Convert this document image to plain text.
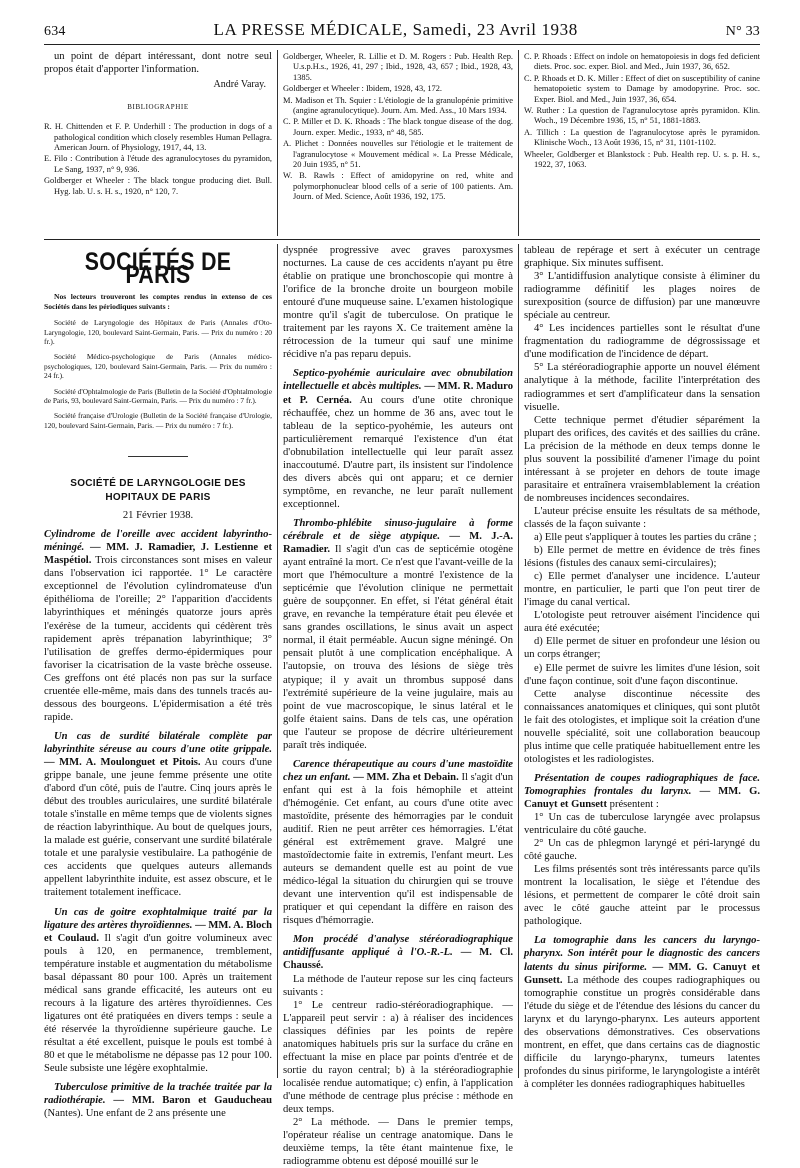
634	LA PRESSE MÉDICALE, Samedi, 23 Avril 1938	N° 33

un point de départ intéressant, dont notre seul propos était d'apporter l'information.

André Varay.

BIBLIOGRAPHIE

R. H. Chittenden et F. P. Underhill : The production in dogs of a pathological condition which closely resembles Human Pellagra. American Journ. of Physiology, 1917, 44, 13.

E. Filo : Contribution à l'étude des agranulocytoses du pyramidon, Le Sang, 1937, n° 9, 936.

Goldberger et Wheeler : The black tongue producing diet. Bull. Hyg. lab. U. s. H. s., 1920, n° 120, 7.

Goldberger, Wheeler, R. Lillie et D. M. Rogers : Pub. Health Rep. U.s.p.H.s., 1926, 41, 297 ; Ibid., 1928, 43, 657 ; Ibid., 1928, 43, 1385.

Goldberger et Wheeler : Ibidem, 1928, 43, 172.

M. Madison et Th. Squier : L'étiologie de la granulopénie primitive (angine agranulocytique). Journ. Am. Med. Ass., 10 Mars 1934.

C. P. Miller et D. K. Rhoads : The black tongue disease of the dog. Journ. exper. Medic., 1933, n° 48, 585.

A. Plichet : Données nouvelles sur l'étiologie et le traitement de l'agranulocytose « Mouvement médical ». La Presse Médicale, 20 Juin 1935, n° 51.

W. B. Rawls : Effect of amidopyrine on red, white and polymorphonuclear blood cells of a serie of 100 patients. Am. Journ. of Med. Science, Août 1936, 192, 175.

C. P. Rhoads : Effect on indole on hematopoiesis in dogs fed deficient diets. Proc. soc. exper. Biol. and Med., Juin 1937, 36, 652.

C. P. Rhoads et D. K. Miller : Effect of diet on susceptibility of canine hematopoietic system to Damage by amodopyrine. Proc. soc. Exper. Biol. and Med., Juin 1937, 36, 654.

W. Ruther : La question de l'agranulocytose après pyramidon. Klin. Woch., 19 Décembre 1936, 15, n° 51, 1881-1883.

A. Tillich : La question de l'agranulocytose après le pyramidon. Klinische Woch., 13 Août 1936, 15, n° 31, 1101-1102.

Wheeler, Goldberger et Blankstock : Pub. Health rep. U. s. p. H. s., 1922, 37, 1063.

SOCIÉTÉS DE PARIS

Nos lecteurs trouveront les comptes rendus in extenso de ces Sociétés dans les périodiques suivants :

Société de Laryngologie des Hôpitaux de Paris (Annales d'Oto-Laryngologie, 120, boulevard Saint-Germain, Paris. — Prix du numéro : 20 fr.).

Société Médico-psychologique de Paris (Annales médico-psychologiques, 120, boulevard Saint-Germain, Paris. — Prix du numéro : 24 fr.).

Société d'Ophtalmologie de Paris (Bulletin de la Société d'Ophtalmologie de Paris, 93, boulevard Saint-Germain, Paris. — Prix du numéro : 7 fr.).

Société française d'Urologie (Bulletin de la Société française d'Urologie, 120, boulevard Saint-Germain, Paris. — Prix du numéro : 7 fr.).

SOCIÉTÉ DE LARYNGOLOGIE DES HOPITAUX DE PARIS

21 Février 1938.

Cylindrome de l'oreille avec accident labyrintho-méningé. — MM. J. Ramadier, J. Lestienne et Maspétiol. Trois circonstances sont mises en valeur dans l'observation ici rapportée. 1° Le caractère exceptionnel de l'évolution cylindromateuse d'un épithélioma de l'oreille; 2° l'apparition d'accidents labyrinthiques et méningés quatorze jours après l'exérèse de la tumeur, accidents qui cédèrent très rapidement après trépanation labyrinthique; 3° l'utilisation de greffes dermo-épidermiques pour favoriser la cicatrisation de la vaste brèche osseuse. Ces greffons ont été placés non pas sur la surface cruentée elle-même, mais dans des tunnels tracés au-dessous des bourgeons. L'épidermisation a été très rapide.

Un cas de surdité bilatérale complète par labyrinthite séreuse au cours d'une otite grippale. — MM. A. Moulonguet et Pitois. Au cours d'une grippe banale, une jeune femme présente une otite d'abord d'un côté, puis de l'autre. Cinq jours après le début des troubles auriculaires, une surdité bilatérale totale s'installe en même temps que de violents signes de réaction labyrinthique. Au bout de quelques jours, la malade est guérie, conservant une surdité bilatérale totale et une paralysie vestibulaire. La pathogénie de ces accidents que quelques auteurs allemands appellent labyrinthite induite, est assez obscure, et le traitement totalement inefficace.

Un cas de goitre exophtalmique traité par la ligature des artères thyroïdiennes. — MM. A. Bloch et Coulaud. Il s'agit d'un goitre volumineux avec pouls à 120, en permanence, tremblement, température instable et augmentation du métabolisme basal dépassant 80 pour 100. Après un traitement médical sans grande efficacité, les auteurs ont eu recours à la ligature des artères thyroïdiennes. Ces ligatures ont été pratiquées en divers temps : seule a été réservée la thyroïdienne supérieure gauche. Le résultat a été excellent, puisque le pouls est tombé à 80 et que le métabolisme ne dépasse pas 12 pour 100. Seule subsiste une légère exophtalmie.

Tuberculose primitive de la trachée traitée par la radiothérapie. — MM. Baron et Gauducheau (Nantes). Une enfant de 2 ans présente une

dyspnée progressive avec graves paroxysmes nocturnes. La cause de ces accidents n'ayant pu être établie on pratique une bronchoscopie qui montre à l'orifice de la bronche droite un bourgeon mobile entouré d'une muqueuse saine. L'examen histologique montre qu'il s'agit de tuberculose. On pratique le traitement par les rayons X. Ce traitement amène la rétrocession de la tumeur qui sauf une minime récidive n'a pas reparu depuis.

Septico-pyohémie auriculaire avec obnubilation intellectuelle et abcès multiples. — MM. R. Maduro et P. Cernéa. Au cours d'une otite chronique réchauffée, chez un homme de 36 ans, avec tout le tableau de la septico-pyohémie, les auteurs ont particulièrement remarqué l'existence d'un état d'obnubilation intellectuelle qui leur paraît assez inaccoutumé. D'autre part, ils insistent sur l'indolence des divers abcès qui ont apparu; et ce dernier symptôme, en revanche, ne leur paraît nullement exceptionnel.

Thrombo-phlébite sinuso-jugulaire à forme cérébrale et de siège atypique. — M. J.-A. Ramadier. Il s'agit d'un cas de septicémie otogène ayant entraîné la mort. Ce n'est que l'avant-veille de la mort que l'hémoculture a montré l'existence de la septicémie que l'évolution clinique ne permettait guère de soupçonner. En effet, si l'état général était grave, en revanche la température était peu élevée et sans grandes oscillations, le sinus avait un aspect normal, il était perméable. Aucun signe méningé. On pensait plutôt à une complication encéphalique. A l'autopsie, on trouva des lésions de siège très atypique; il y avait un thrombus supposé dans l'extrémité supérieure de la veine jugulaire, mais au point de vue macroscopique, le sinus latéral et le golfe étaient sains. Dans de tels cas, une opération que l'auteur se propose de décrire ultérieurement paraît très indiquée.

Carence thérapeutique au cours d'une mastoïdite chez un enfant. — MM. Zha et Debain. Il s'agit d'un enfant qui est à la fois hémophile et atteint d'hémogénie. Cet enfant, au cours d'une otite avec mastoïdite, présente des hémorragies par le conduit auditif. Rien ne peut arrêter ces hémorragies. L'état général est extrêmement grave. Malgré une mastoïdectomie faite in extremis, l'enfant meurt. Les auteurs se demandent quelle est au point de vue médico-légal la situation du chirurgien qui se trouve devant une intervention qu'il est indispensable de pratiquer et qui cependant la diffère en raison des risques d'hémorragie.

Mon procédé d'analyse stéréoradiographique antidiffusante appliqué à l'O.-R.-L. — M. Cl. Chaussé.

La méthode de l'auteur repose sur les cinq facteurs suivants :

1° Le centreur radio-stéréoradiographique. — L'appareil peut servir : a) à réaliser des incidences classiques définies par les points de repère anatomiques habituels pris sur la surface du crâne en effectuant la mise en place par points d'entrée et de sortie du rayon central; b) à la stéréoradiographie localisée rendue automatique; c) enfin, à l'application d'une méthode de centrage plus précise : méthode en deux temps.

2° La méthode. — Dans le premier temps, l'opérateur réalise un centrage anatomique. Dans le deuxième temps, la tête étant maintenue fixe, le radiogramme obtenu est déposé mouillé sur le

tableau de repérage et sert à exécuter un centrage graphique. Six minutes suffisent.

3° L'antidiffusion analytique consiste à éliminer du radiogramme définitif les plages noires de surexposition (source de diffusion) par une manœuvre spéciale au centreur.

4° Les incidences partielles sont le résultat d'une fragmentation du radiogramme de dégrossissage et d'une modification de l'incidence de départ.

5° La stéréoradiographie apporte un nouvel élément analytique à la méthode, facilite l'interprétation des radiogrammes et sert d'amplificateur dans la sensation visuelle.

Cette technique permet d'étudier séparément la plupart des orifices, des cavités et des saillies du crâne. La précision de la méthode en deux temps donne le plus souvent la possibilité d'amener l'image du point intéressant à se projeter en dehors de toute image parasitaire et entraînera vraisemblablement la création de nombreuses incidences secondaires.

L'auteur précise ensuite les résultats de sa méthode, classés de la façon suivante :

a) Elle peut s'appliquer à toutes les parties du crâne ;

b) Elle permet de mettre en évidence de très fines lésions (fistules des canaux semi-circulaires);

c) Elle permet d'analyser une incidence. L'auteur montre, en particulier, le parti que l'on peut tirer de l'image du canal vertical.

L'otologiste peut retrouver aisément l'incidence qui aura été exécutée;

d) Elle permet de situer en profondeur une lésion ou un corps étranger;

e) Elle permet de suivre les limites d'une lésion, soit d'une façon continue, soit d'une façon discontinue.

Cette analyse discontinue nécessite des connaissances anatomiques et cliniques, qui sont plutôt le fait des otologistes, et implique soit la création d'une nouvelle spécialité, soit une collaboration beaucoup plus intime que celle pratiquée habituellement entre les otologistes et les radiologistes.

Présentation de coupes radiographiques de face. Tomographies frontales du larynx. — MM. G. Canuyt et Gunsett présentent :

1° Un cas de tuberculose laryngée avec prolapsus ventriculaire du côté gauche.

2° Un cas de phlegmon laryngé et péri-laryngé du côté gauche.

Les films présentés sont très intéressants parce qu'ils montrent la localisation, le siège et l'étendue des lésions, et permettent de comparer le côté droit sain avec le côté gauche atteint par le processus pathologique.

La tomographie dans les cancers du laryngo-pharynx. Son intérêt pour le diagnostic des cancers latents du sinus piriforme. — MM. G. Canuyt et Gunsett. La méthode des coupes radiographiques ou tomographie constitue un progrès considérable dans l'étude du siège et de l'étendue des lésions du cancer du larynx et du laryngo-pharynx. Les auteurs apportent des observations démonstratives. Ces observations montrent, en effet, que dans certains cas de diagnostic difficile du laryngo-pharynx, tumeurs latentes profondes du sinus piriforme, le laryngologiste a intérêt à compléter les données radiographiques habituelles
